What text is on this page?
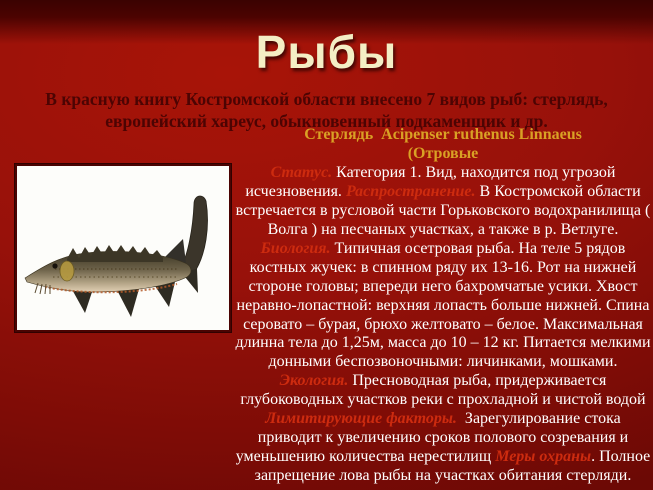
Рыбы
В красную книгу Костромской области внесено 7 видов рыб: стерлядь, европейский хареус, обыкновенный подкаменщик и др.

Стерлядь  Acipenser ruthenus Linnaeus
(Отровые
Статус. Категория 1. Вид, находится под угрозой исчезновения. Распространение. В Костромской области встречается в русловой части Горьковского водохранилища ( Волга ) на песчаных участках, а также в р. Ветлуге. Биология. Типичная осетровая рыба. На теле 5 рядов костных жучек: в спинном ряду их 13-16. Рот на нижней стороне головы; впереди него бахромчатые усики. Хвост неравно-лопастной: верхняя лопасть больше нижней. Спина серовато – бурая, брюхо желтовато – белое. Максимальная длинна тела до 1,25м, масса до 10 – 12 кг. Питается мелкими донными беспозвоночными: личинками, мошками. Экология. Пресноводная рыба, придерживается глубоководных участков реки с прохладной и чистой водой Лимитирующие факторы.  Зарегулирование стока приводит к увеличению сроков полового созревания и уменьшению количества нерестилищ Меры охраны. Полное запрещение лова рыбы на участках обитания стерляди.
